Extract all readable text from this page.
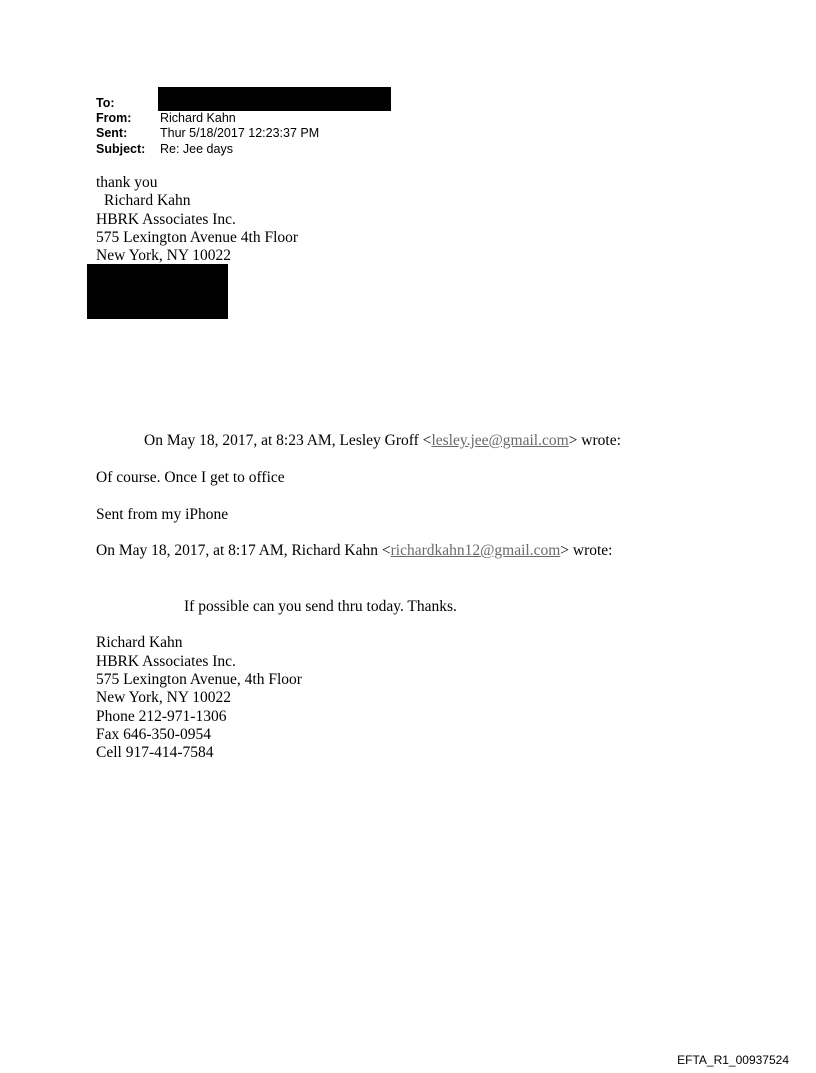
To:
From: Richard Kahn
Sent:	Thur 5/18/2017 12:23:37 PM
Subject: Re: Jee days
thank you
Richard Kahn
HBRK Associates Inc.
575 Lexington Avenue 4th Floor
New York, NY 10022
On May 18, 2017, at 8:23 AM, Lesley Groff <lesley.jee@gmail.com> wrote:
Of course. Once I get to office
Sent from my iPhone
On May 18, 2017, at 8:17 AM, Richard Kahn <richardkahn12@gmail.com> wrote:
If possible can you send thru today. Thanks.
Richard Kahn
HBRK Associates Inc.
575 Lexington Avenue, 4th Floor
New York, NY 10022
Phone 212-971-1306
Fax 646-350-0954
Cell 917-414-7584
EFTA_R1_00937524
